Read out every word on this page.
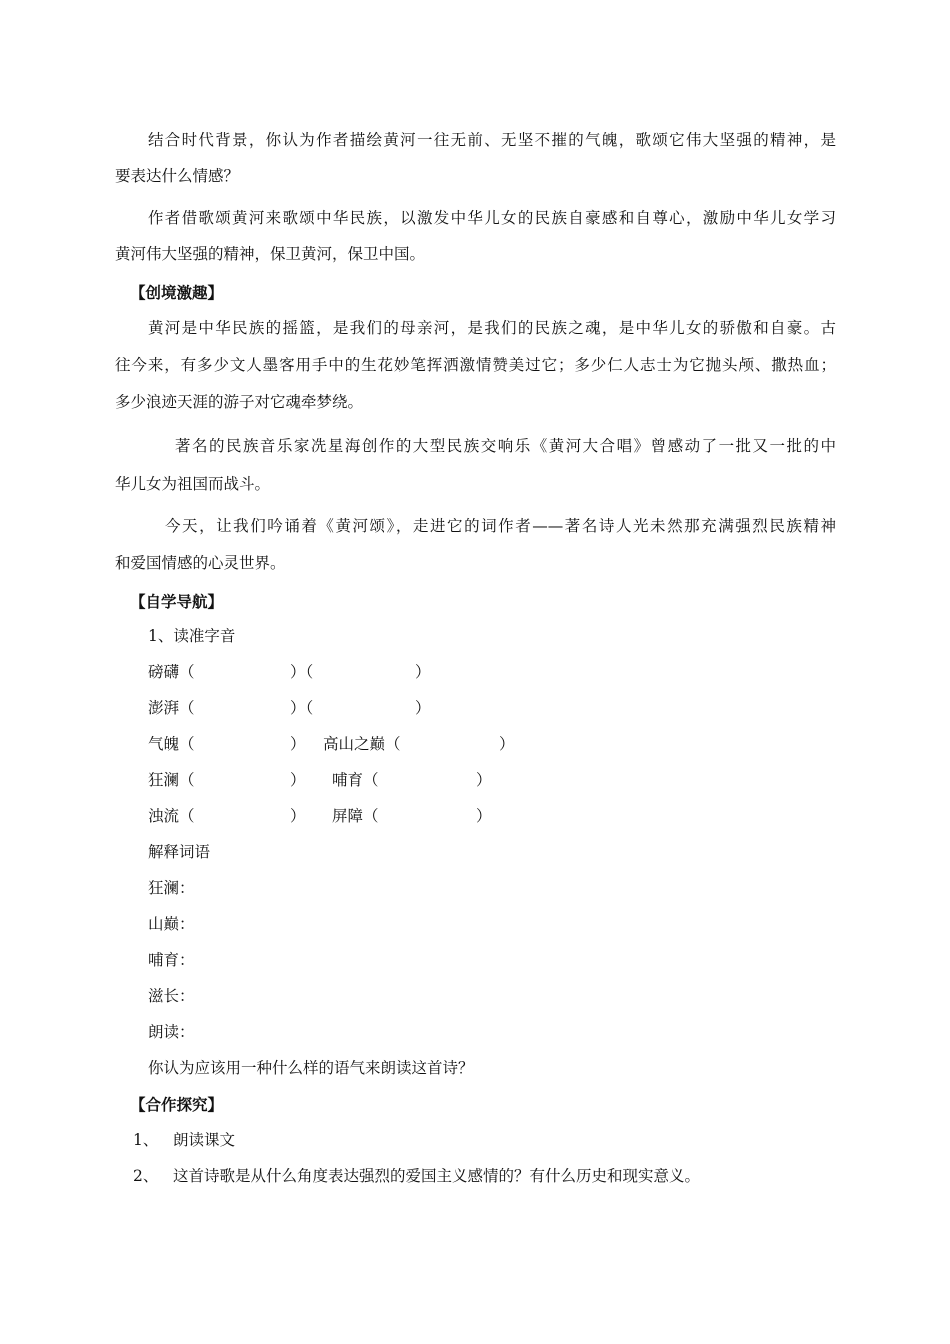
结合时代背景，你认为作者描绘黄河一往无前、无坚不摧的气魄，歌颂它伟大坚强的精神，是
要表达什么情感？
作者借歌颂黄河来歌颂中华民族，以激发中华儿女的民族自豪感和自尊心，激励中华儿女学习
黄河伟大坚强的精神，保卫黄河，保卫中国。
【创境激趣】
黄河是中华民族的摇篮，是我们的母亲河，是我们的民族之魂，是中华儿女的骄傲和自豪。古
往今来，有多少文人墨客用手中的生花妙笔挥洒激情赞美过它；多少仁人志士为它抛头颅、撒热血；
多少浪迹天涯的游子对它魂牵梦绕。
著名的民族音乐家冼星海创作的大型民族交响乐《黄河大合唱》曾感动了一批又一批的中
华儿女为祖国而战斗。
今天，让我们吟诵着《黄河颂》，走进它的词作者——著名诗人光未然那充满强烈民族精神
和爱国情感的心灵世界。
【自学导航】
1、读准字音
磅礴（	）（	）
澎湃（	）（	）
气魄（	） 高山之巅（	）
狂澜（	） 哺育（	）
浊流（	） 屏障（	）
解释词语
狂澜：
山巅：
哺育：
滋长：
朗读：
你认为应该用一种什么样的语气来朗读这首诗？
【合作探究】
1、 朗读课文
2、 这首诗歌是从什么角度表达强烈的爱国主义感情的？有什么历史和现实意义。
